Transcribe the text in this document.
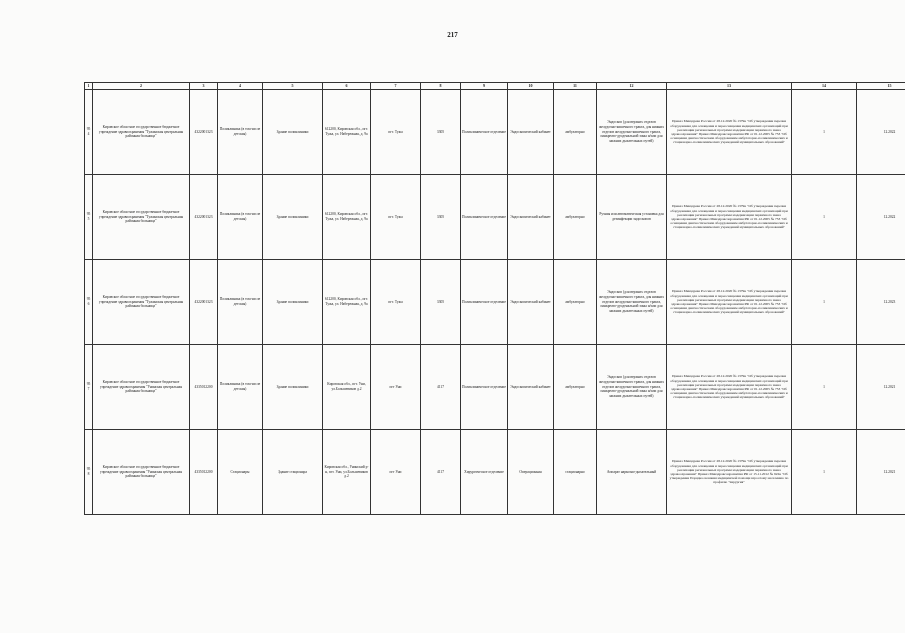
217
1	2	3	4	5	6	7	8	9	10	11	12	13	14	15
954	Кировское областное государственное бюджетное учреждение здравоохранения "Тужинская центральная районная больница"	4322001323	Поликлиника (в том числе детская)	Здание поликлиники	612200, Кировская обл., пгт. Тужа, ул. Набережная, д. 9а	пгт. Тужа	3305	Поликлиническое отделение	Эндоскопический кабинет	амбулаторно	Эндоскоп (для верхних отделов желудочно-кишечного тракта, для нижних отделов желудочно-кишечного тракта, панкреато-дуоденальной зоны и/или для нижних дыхательных путей)	Приказ Минздрава России от 28.12.2020 № 1379н "Об утверждении перечня оборудования для оснащения и переоснащения медицинских организаций при реализации региональных программ модернизации первичного звена здравоохранения" Приказ Минздравсоцразвития РФ от 01.12.2005 № 753 "Об оснащении диагностическим оборудованием амбулаторно-поликлинических и стационарно-поликлинических учреждений муниципальных образований"	1	12.2022
955	Кировское областное государственное бюджетное учреждение здравоохранения "Тужинская центральная районная больница"	4322001323	Поликлиника (в том числе детская)	Здание поликлиники	612200, Кировская обл., пгт. Тужа, ул. Набережная, д. 9а	пгт. Тужа	3305	Поликлиническое отделение	Эндоскопический кабинет	амбулаторно	Ручная или автоматическая установка для дезинфекции эндоскопов	Приказ Минздрава России от 28.12.2020 № 1379н "Об утверждении перечня оборудования для оснащения и переоснащения медицинских организаций при реализации региональных программ модернизации первичного звена здравоохранения" Приказ Минздравсоцразвития РФ от 01.12.2005 № 753 "Об оснащении диагностическим оборудованием амбулаторно-поликлинических и стационарно-поликлинических учреждений муниципальных образований"	1	12.2022
956	Кировское областное государственное бюджетное учреждение здравоохранения "Тужинская центральная районная больница"	4322001323	Поликлиника (в том числе детская)	Здание поликлиники	612200, Кировская обл., пгт. Тужа, ул. Набережная, д. 9а	пгт. Тужа	3305	Поликлиническое отделение	Эндоскопический кабинет	амбулаторно	Эндоскоп (для верхних отделов желудочно-кишечного тракта, для нижних отделов желудочно-кишечного тракта, панкреато-дуоденальной зоны и/или для нижних дыхательных путей)	Приказ Минздрава России от 28.12.2020 № 1379н "Об утверждении перечня оборудования для оснащения и переоснащения медицинских организаций при реализации региональных программ модернизации первичного звена здравоохранения" Приказ Минздравсоцразвития РФ от 01.12.2005 № 753 "Об оснащении диагностическим оборудованием амбулаторно-поликлинических и стационарно-поликлинических учреждений муниципальных образований"	1	12.2023
957	Кировское областное государственное бюджетное учреждение здравоохранения "Унинская центральная районная больница"	4335012200	Поликлиника (в том числе детская)	Здание поликлиники	Кировская обл., пгт. Уни, ул.Большевиков д.2	пгт Уни	4117	Поликлиническое отделение	Эндоскопический кабинет	амбулаторно	Эндоскоп (для верхних отделов желудочно-кишечного тракта, для нижних отделов желудочно-кишечного тракта, панкреато-дуоденальной зоны и/или для нижних дыхательных путей)	Приказ Минздрава России от 28.12.2020 № 1379н "Об утверждении перечня оборудования для оснащения и переоснащения медицинских организаций при реализации региональных программ модернизации первичного звена здравоохранения" Приказ Минздравсоцразвития РФ от 01.12.2005 № 753 "Об оснащении диагностическим оборудованием амбулаторно-поликлинических и стационарно-поликлинических учреждений муниципальных образований"	1	12.2021
958	Кировское областное государственное бюджетное учреждение здравоохранения "Унинская центральная районная больница"	4335012200	Стационары	Здание стационара	Кировская обл., Унинский р-н, пгт. Уни, ул.Большевиков д.2	пгт Уни	4117	Хирургическое отделение	Операционная	стационарно	Аппарат наркозно-дыхательный	Приказ Минздрава России от 28.12.2020 № 1379н "Об утверждении перечня оборудования для оснащения и переоснащения медицинских организаций при реализации региональных программ модернизации первичного звена здравоохранения" Приказ Минздравсоцразвития РФ от 15.11.2012 № 922н "Об утверждении Порядка оказания медицинской помощи взрослому населению по профилю "хирургия"	1	12.2021
